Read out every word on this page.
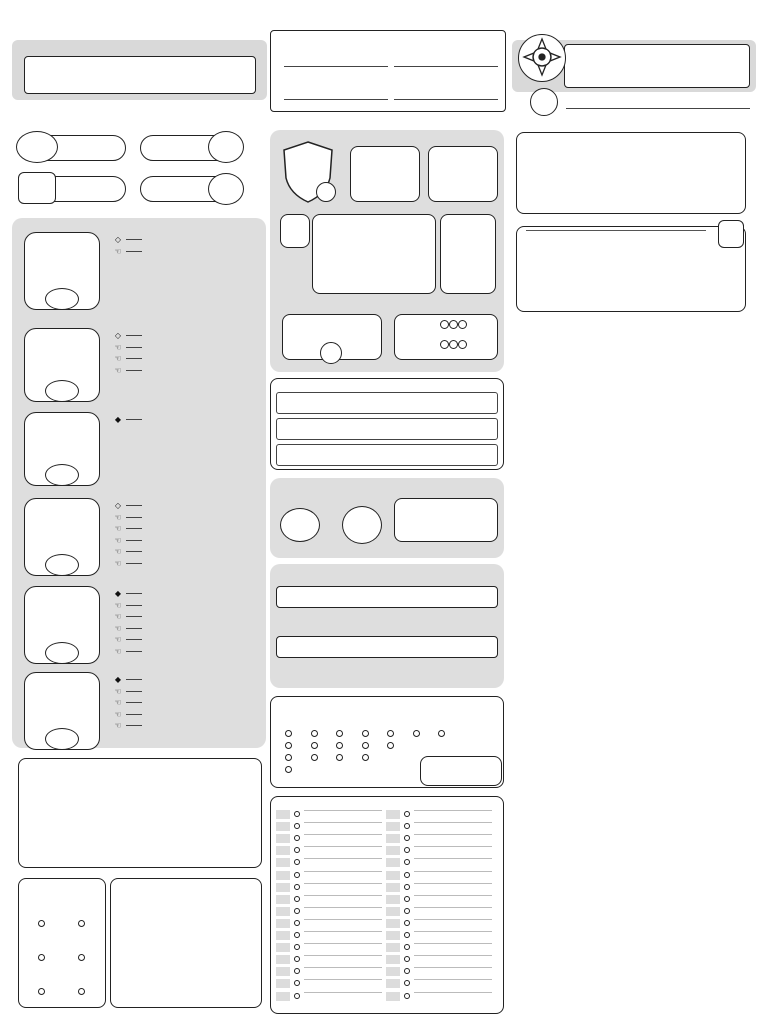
◇
☜
◇
☜
☜
☜
◆
◇
☜
☜
☜
☜
☜
◆
☜
☜
☜
☜
☜
◆
☜
☜
☜
☜
